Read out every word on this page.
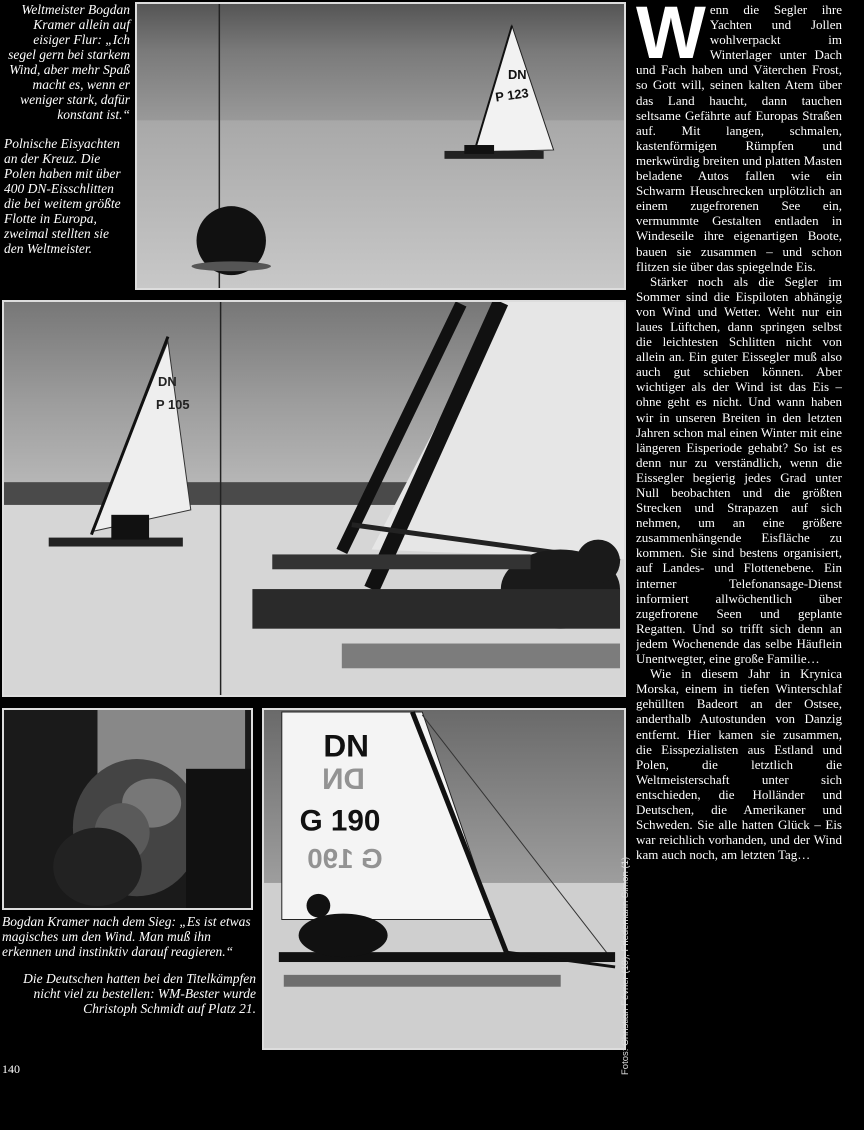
Weltmeister Bogdan Kramer allein auf eisiger Flur: „Ich segel gern bei starkem Wind, aber mehr Spaß macht es, wenn er weniger stark, dafür konstant ist.“

Polnische Eisyachten an der Kreuz. Die Polen haben mit über 400 DN-Eisschlitten die bei weitem größte Flotte in Europa, zweimal stellten sie den Weltmeister.

DN
P 123
DN
P 105

Bogdan Kramer nach dem Sieg: „Es ist etwas magisches um den Wind. Man muß ihn erkennen und instinktiv darauf reagieren.“

Die Deutschen hatten bei den Titelkämpfen nicht viel zu bestellen: WM-Bester wurde Christoph Schmidt auf Platz 21.

DN
G 190
DN
G 190
W enn die Segler ihre Yachten und Jollen wohlverpackt im Winterlager unter Dach und Fach haben und Väterchen Frost, so Gott will, seinen kalten Atem über das Land haucht, dann tauchen seltsame Gefährte auf Europas Straßen auf. Mit langen, schmalen, kastenförmigen Rümpfen und merkwürdig breiten und platten Masten beladene Autos fallen wie ein Schwarm Heuschrecken urplötzlich an einem zugefrorenen See ein, vermummte Gestalten entladen in Windeseile ihre eigenartigen Boote, bauen sie zusammen – und schon flitzen sie über das spiegelnde Eis.

Stärker noch als die Segler im Sommer sind die Eispiloten abhängig von Wind und Wetter. Weht nur ein laues Lüftchen, dann springen selbst die leichtesten Schlitten nicht von allein an. Ein guter Eissegler muß also auch gut schieben können. Aber wichtiger als der Wind ist das Eis – ohne geht es nicht. Und wann haben wir in unseren Breiten in den letzten Jahren schon mal einen Winter mit eine längeren Eisperiode gehabt? So ist es denn nur zu verständlich, wenn die Eissegler begierig jedes Grad unter Null beobachten und die größten Strecken und Strapazen auf sich nehmen, um an eine größere zusammenhängende Eisfläche zu kommen. Sie sind bestens organisiert, auf Landes- und Flottenebene. Ein interner Telefonansage-Dienst informiert allwöchentlich über zugefrorene Seen und geplante Regatten. Und so trifft sich denn an jedem Wochenende das selbe Häuflein Unentwegter, eine große Familie…

Wie in diesem Jahr in Krynica Morska, einem in tiefen Winterschlaf gehüllten Badeort an der Ostsee, anderthalb Autostunden von Danzig entfernt. Hier kamen sie zusammen, die Eisspezialisten aus Estland und Polen, die letztlich die Weltmeisterschaft unter sich entschieden, die Holländer und Deutschen, die Amerikaner und Schweden. Sie alle hatten Glück – Eis war reichlich vorhanden, und der Wind kam auch noch, am letzten Tag…

Fotos: Christian Février (10), Friedemann Simon (1)
140
